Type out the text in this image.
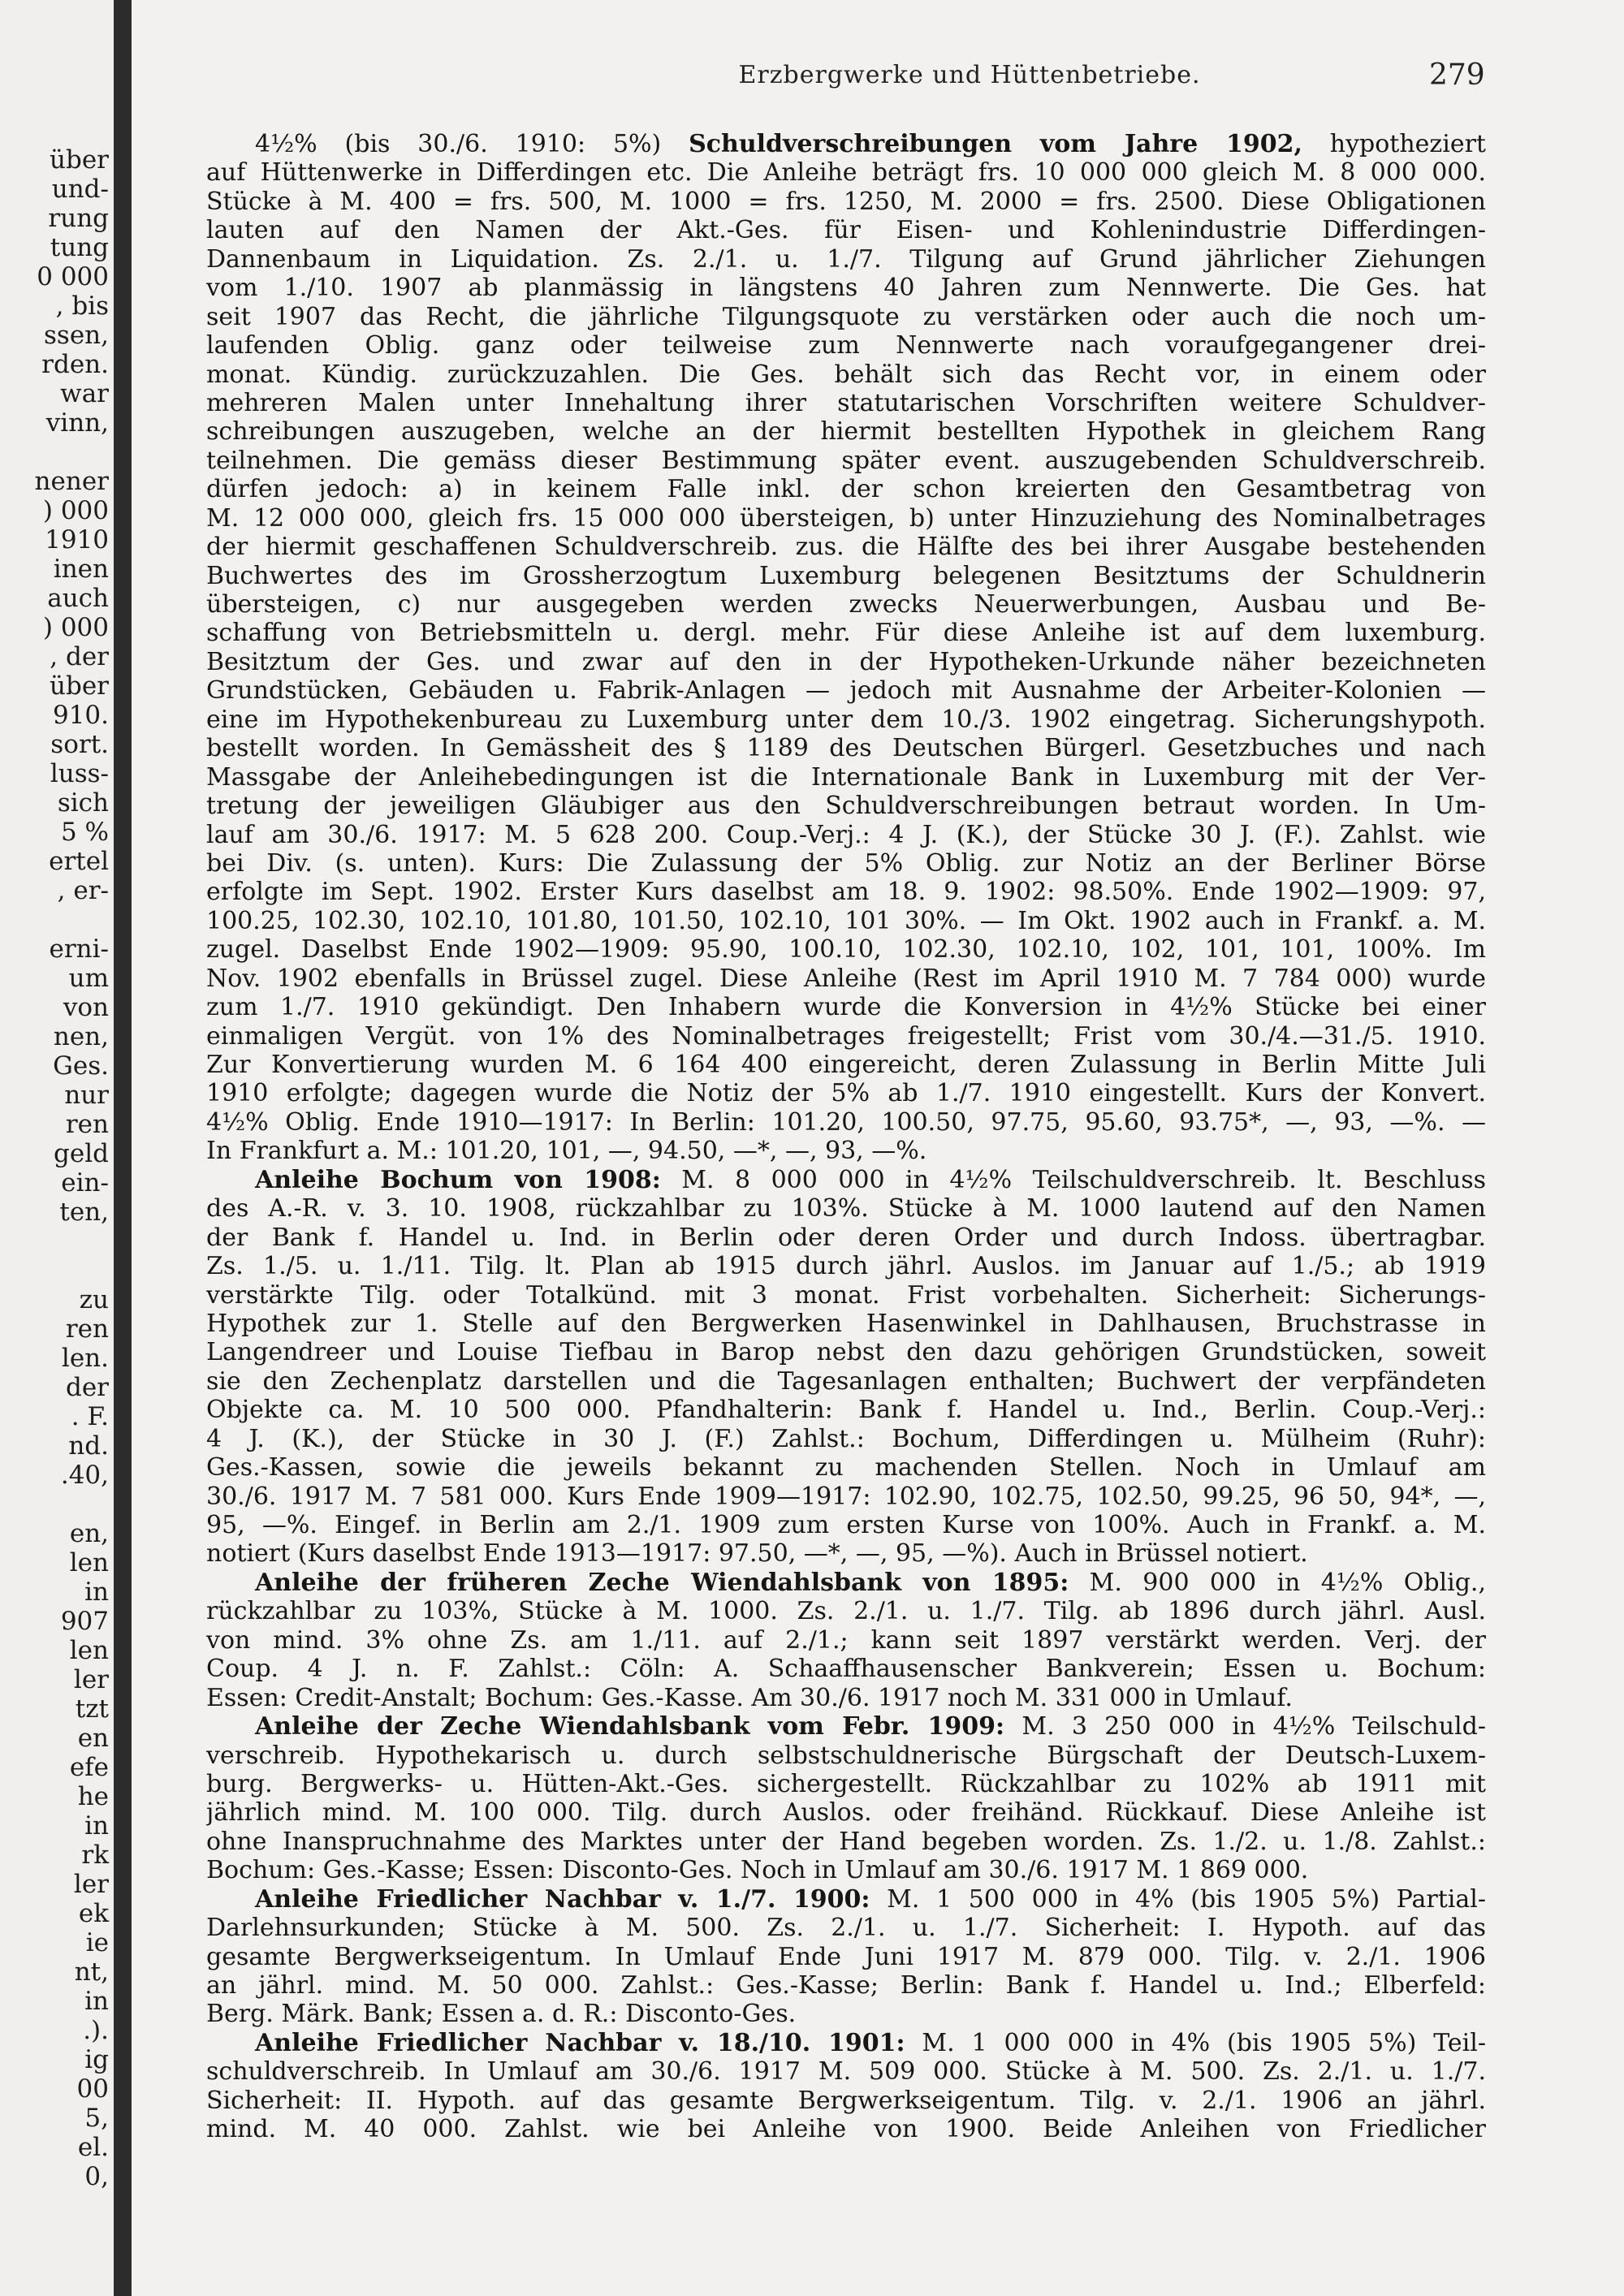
über
und-
rung
tung
0 000
, bis
ssen,
rden.
war
vinn,
nener
) 000
1910
inen
auch
) 000
, der
über
910.
sort.
luss-
sich
5 %
ertel
, er-
erni-
um
von
nen,
Ges.
nur
ren
geld
ein-
ten,
zu
ren
len.
der
. F.
nd.
.40,
en,
len
in
907
len
ler
tzt
en
efe
he
in
rk
ler
ek
ie
nt,
in
.).
ig
00
5,
el.
0,
Erzbergwerke und Hüttenbetriebe.	279
4½% (bis 30./6. 1910: 5%) Schuldverschreibungen vom Jahre 1902, hypotheziert
auf Hüttenwerke in Differdingen etc. Die Anleihe beträgt frs. 10 000 000 gleich M. 8 000 000.
Stücke à M. 400 = frs. 500, M. 1000 = frs. 1250, M. 2000 = frs. 2500. Diese Obligationen
lauten auf den Namen der Akt.-Ges. für Eisen- und Kohlenindustrie Differdingen-
Dannenbaum in Liquidation. Zs. 2./1. u. 1./7. Tilgung auf Grund jährlicher Ziehungen
vom 1./10. 1907 ab planmässig in längstens 40 Jahren zum Nennwerte. Die Ges. hat
seit 1907 das Recht, die jährliche Tilgungsquote zu verstärken oder auch die noch um-
laufenden Oblig. ganz oder teilweise zum Nennwerte nach voraufgegangener drei-
monat. Kündig. zurückzuzahlen. Die Ges. behält sich das Recht vor, in einem oder
mehreren Malen unter Innehaltung ihrer statutarischen Vorschriften weitere Schuldver-
schreibungen auszugeben, welche an der hiermit bestellten Hypothek in gleichem Rang
teilnehmen. Die gemäss dieser Bestimmung später event. auszugebenden Schuldverschreib.
dürfen jedoch: a) in keinem Falle inkl. der schon kreierten den Gesamtbetrag von
M. 12 000 000, gleich frs. 15 000 000 übersteigen, b) unter Hinzuziehung des Nominalbetrages
der hiermit geschaffenen Schuldverschreib. zus. die Hälfte des bei ihrer Ausgabe bestehenden
Buchwertes des im Grossherzogtum Luxemburg belegenen Besitztums der Schuldnerin
übersteigen, c) nur ausgegeben werden zwecks Neuerwerbungen, Ausbau und Be-
schaffung von Betriebsmitteln u. dergl. mehr. Für diese Anleihe ist auf dem luxemburg.
Besitztum der Ges. und zwar auf den in der Hypotheken-Urkunde näher bezeichneten
Grundstücken, Gebäuden u. Fabrik-Anlagen — jedoch mit Ausnahme der Arbeiter-Kolonien —
eine im Hypothekenbureau zu Luxemburg unter dem 10./3. 1902 eingetrag. Sicherungshypoth.
bestellt worden. In Gemässheit des § 1189 des Deutschen Bürgerl. Gesetzbuches und nach
Massgabe der Anleihebedingungen ist die Internationale Bank in Luxemburg mit der Ver-
tretung der jeweiligen Gläubiger aus den Schuldverschreibungen betraut worden. In Um-
lauf am 30./6. 1917: M. 5 628 200. Coup.-Verj.: 4 J. (K.), der Stücke 30 J. (F.). Zahlst. wie
bei Div. (s. unten). Kurs: Die Zulassung der 5% Oblig. zur Notiz an der Berliner Börse
erfolgte im Sept. 1902. Erster Kurs daselbst am 18. 9. 1902: 98.50%. Ende 1902—1909: 97,
100.25, 102.30, 102.10, 101.80, 101.50, 102.10, 101 30%. — Im Okt. 1902 auch in Frankf. a. M.
zugel. Daselbst Ende 1902—1909: 95.90, 100.10, 102.30, 102.10, 102, 101, 101, 100%. Im
Nov. 1902 ebenfalls in Brüssel zugel. Diese Anleihe (Rest im April 1910 M. 7 784 000) wurde
zum 1./7. 1910 gekündigt. Den Inhabern wurde die Konversion in 4½% Stücke bei einer
einmaligen Vergüt. von 1% des Nominalbetrages freigestellt; Frist vom 30./4.—31./5. 1910.
Zur Konvertierung wurden M. 6 164 400 eingereicht, deren Zulassung in Berlin Mitte Juli
1910 erfolgte; dagegen wurde die Notiz der 5% ab 1./7. 1910 eingestellt. Kurs der Konvert.
4½% Oblig. Ende 1910—1917: In Berlin: 101.20, 100.50, 97.75, 95.60, 93.75*, —, 93, —%. —
In Frankfurt a. M.: 101.20, 101, —, 94.50, —*, —, 93, —%.
Anleihe Bochum von 1908: M. 8 000 000 in 4½% Teilschuldverschreib. lt. Beschluss
des A.-R. v. 3. 10. 1908, rückzahlbar zu 103%. Stücke à M. 1000 lautend auf den Namen
der Bank f. Handel u. Ind. in Berlin oder deren Order und durch Indoss. übertragbar.
Zs. 1./5. u. 1./11. Tilg. lt. Plan ab 1915 durch jährl. Auslos. im Januar auf 1./5.; ab 1919
verstärkte Tilg. oder Totalkünd. mit 3 monat. Frist vorbehalten. Sicherheit: Sicherungs-
Hypothek zur 1. Stelle auf den Bergwerken Hasenwinkel in Dahlhausen, Bruchstrasse in
Langendreer und Louise Tiefbau in Barop nebst den dazu gehörigen Grundstücken, soweit
sie den Zechenplatz darstellen und die Tagesanlagen enthalten; Buchwert der verpfändeten
Objekte ca. M. 10 500 000. Pfandhalterin: Bank f. Handel u. Ind., Berlin. Coup.-Verj.:
4 J. (K.), der Stücke in 30 J. (F.) Zahlst.: Bochum, Differdingen u. Mülheim (Ruhr):
Ges.-Kassen, sowie die jeweils bekannt zu machenden Stellen. Noch in Umlauf am
30./6. 1917 M. 7 581 000. Kurs Ende 1909—1917: 102.90, 102.75, 102.50, 99.25, 96 50, 94*, —,
95, —%. Eingef. in Berlin am 2./1. 1909 zum ersten Kurse von 100%. Auch in Frankf. a. M.
notiert (Kurs daselbst Ende 1913—1917: 97.50, —*, —, 95, —%). Auch in Brüssel notiert.
Anleihe der früheren Zeche Wiendahlsbank von 1895: M. 900 000 in 4½% Oblig.,
rückzahlbar zu 103%, Stücke à M. 1000. Zs. 2./1. u. 1./7. Tilg. ab 1896 durch jährl. Ausl.
von mind. 3% ohne Zs. am 1./11. auf 2./1.; kann seit 1897 verstärkt werden. Verj. der
Coup. 4 J. n. F. Zahlst.: Cöln: A. Schaaffhausenscher Bankverein; Essen u. Bochum:
Essen: Credit-Anstalt; Bochum: Ges.-Kasse. Am 30./6. 1917 noch M. 331 000 in Umlauf.
Anleihe der Zeche Wiendahlsbank vom Febr. 1909: M. 3 250 000 in 4½% Teilschuld-
verschreib. Hypothekarisch u. durch selbstschuldnerische Bürgschaft der Deutsch-Luxem-
burg. Bergwerks- u. Hütten-Akt.-Ges. sichergestellt. Rückzahlbar zu 102% ab 1911 mit
jährlich mind. M. 100 000. Tilg. durch Auslos. oder freihänd. Rückkauf. Diese Anleihe ist
ohne Inanspruchnahme des Marktes unter der Hand begeben worden. Zs. 1./2. u. 1./8. Zahlst.:
Bochum: Ges.-Kasse; Essen: Disconto-Ges. Noch in Umlauf am 30./6. 1917 M. 1 869 000.
Anleihe Friedlicher Nachbar v. 1./7. 1900: M. 1 500 000 in 4% (bis 1905 5%) Partial-
Darlehnsurkunden; Stücke à M. 500. Zs. 2./1. u. 1./7. Sicherheit: I. Hypoth. auf das
gesamte Bergwerkseigentum. In Umlauf Ende Juni 1917 M. 879 000. Tilg. v. 2./1. 1906
an jährl. mind. M. 50 000. Zahlst.: Ges.-Kasse; Berlin: Bank f. Handel u. Ind.; Elberfeld:
Berg. Märk. Bank; Essen a. d. R.: Disconto-Ges.
Anleihe Friedlicher Nachbar v. 18./10. 1901: M. 1 000 000 in 4% (bis 1905 5%) Teil-
schuldverschreib. In Umlauf am 30./6. 1917 M. 509 000. Stücke à M. 500. Zs. 2./1. u. 1./7.
Sicherheit: II. Hypoth. auf das gesamte Bergwerkseigentum. Tilg. v. 2./1. 1906 an jährl.
mind. M. 40 000. Zahlst. wie bei Anleihe von 1900. Beide Anleihen von Friedlicher
